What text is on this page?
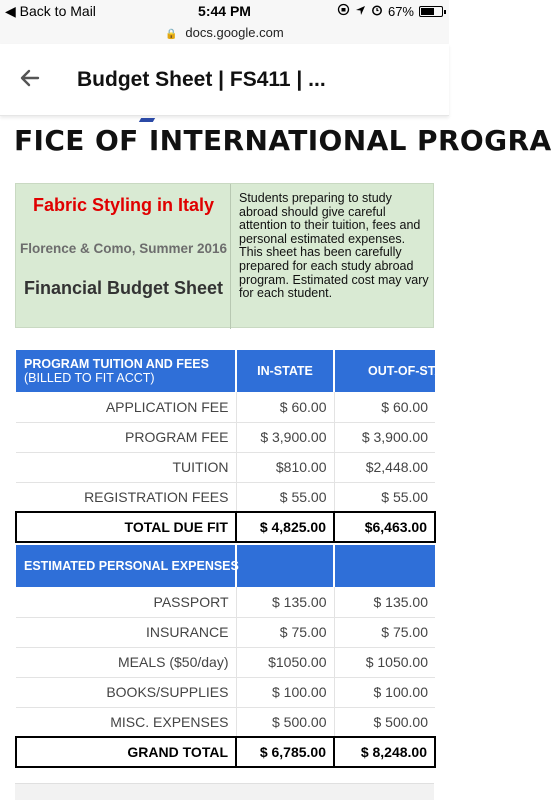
◀ Back to Mail	5:44 PM	67%
🔒 docs.google.com
Budget Sheet | FS411 | ...
FICE OF INTERNATIONAL PROGRA
Fabric Styling in Italy
Florence & Como, Summer 2016
Financial Budget Sheet
Students preparing to study abroad should give careful attention to their tuition, fees and personal estimated expenses. This sheet has been carefully prepared for each study abroad program. Estimated cost may vary for each student.
PROGRAM TUITION AND FEES
(BILLED TO FIT ACCT)	IN-STATE	OUT-OF-STATE

APPLICATION FEE	$ 60.00	$ 60.00
PROGRAM FEE	$ 3,900.00	$ 3,900.00
TUITION	$810.00	$2,448.00
REGISTRATION FEES	$ 55.00	$ 55.00
TOTAL DUE FIT	$ 4,825.00	$6,463.00

ESTIMATED PERSONAL EXPENSES		
PASSPORT	$ 135.00	$ 135.00
INSURANCE	$ 75.00	$ 75.00
MEALS ($50/day)	$1050.00	$ 1050.00
BOOKS/SUPPLIES	$ 100.00	$ 100.00
MISC. EXPENSES	$ 500.00	$ 500.00
GRAND TOTAL	$ 6,785.00	$ 8,248.00
